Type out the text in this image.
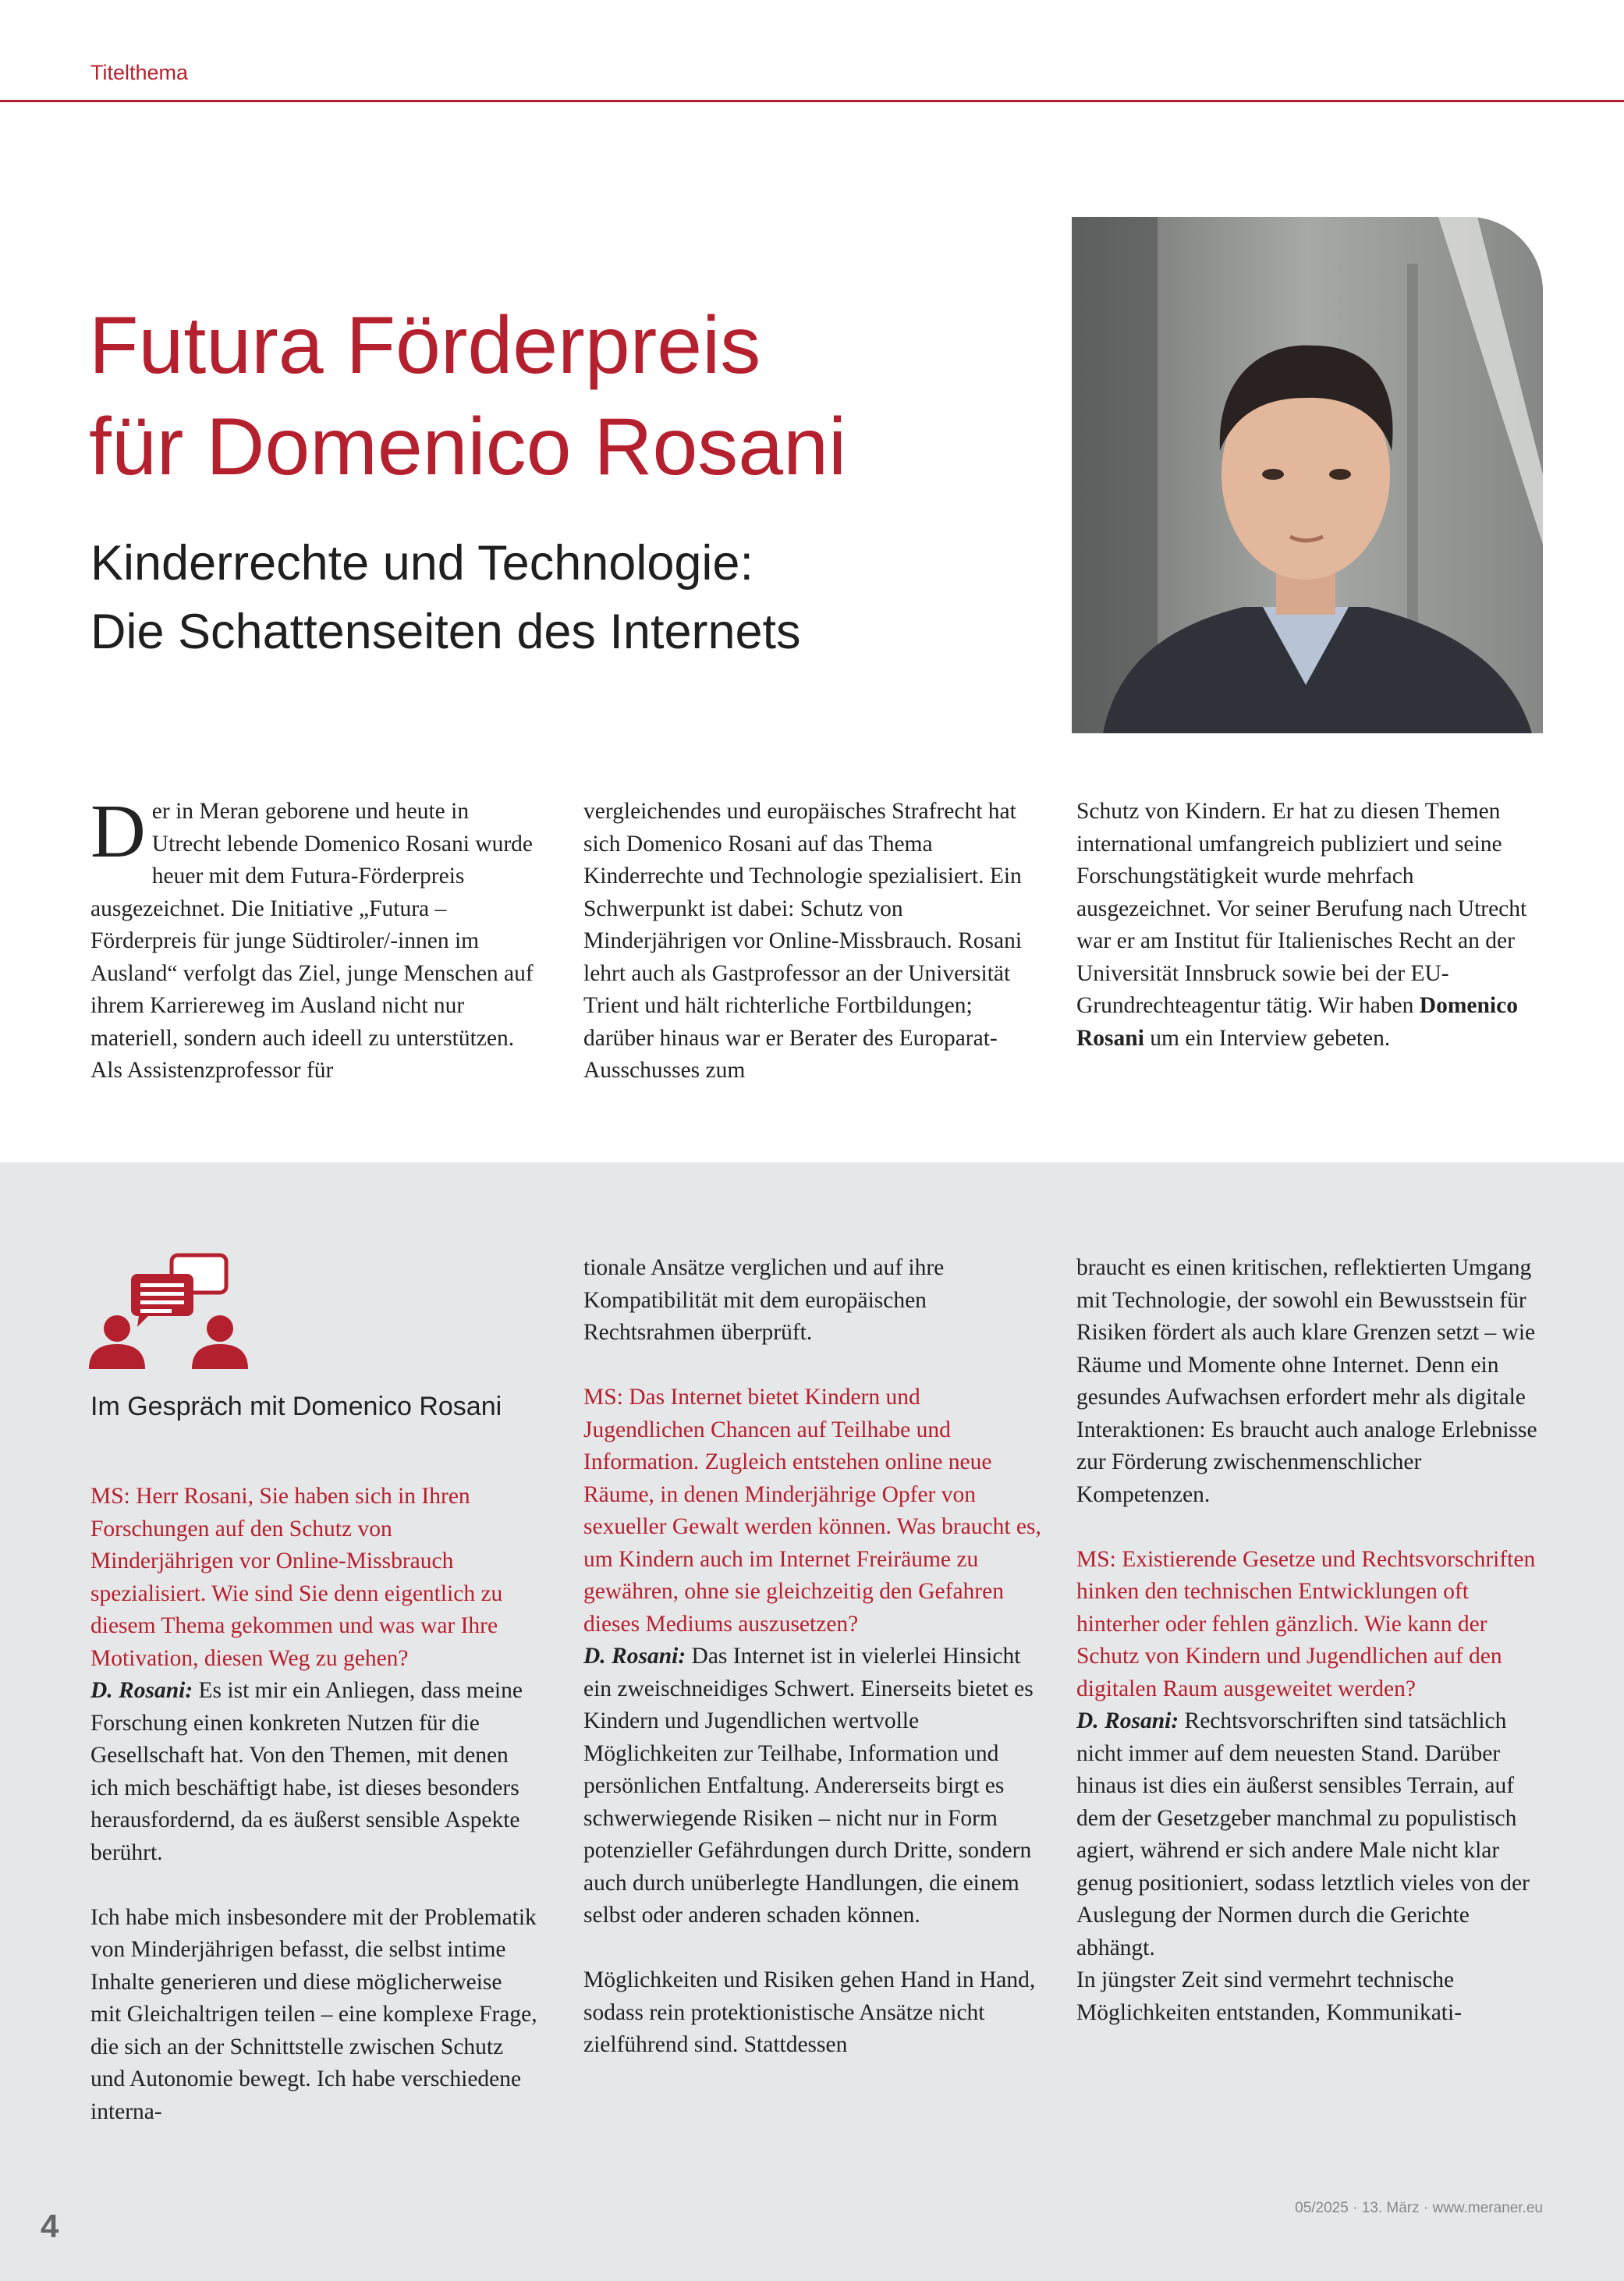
Titelthema
Futura Förderpreis
für Domenico Rosani
Kinderrechte und Technologie:
Die Schattenseiten des Internets

Der in Meran geborene und heute in Utrecht lebende Domenico Rosani wurde heuer mit dem Futura-Förderpreis ausgezeichnet. Die Initiative „Futura – Förderpreis für junge Südtiroler/-innen im Ausland“ verfolgt das Ziel, junge Menschen auf ihrem Karriereweg im Ausland nicht nur materiell, sondern auch ideell zu unterstützen. Als Assistenzprofessor für

vergleichendes und europäisches Strafrecht hat sich Domenico Rosani auf das Thema Kinderrechte und Technologie spezialisiert. Ein Schwerpunkt ist dabei: Schutz von Minderjährigen vor Online-Missbrauch. Rosani lehrt auch als Gastprofessor an der Universität Trient und hält richterliche Fortbildungen; darüber hinaus war er Berater des Europarat-Ausschusses zum

Schutz von Kindern. Er hat zu diesen Themen international umfangreich publiziert und seine Forschungstätigkeit wurde mehrfach ausgezeichnet. Vor seiner Berufung nach Utrecht war er am Institut für Italienisches Recht an der Universität Innsbruck sowie bei der EU-Grundrechteagentur tätig. Wir haben Domenico Rosani um ein Interview gebeten.

Im Gespräch mit Domenico Rosani

MS: Herr Rosani, Sie haben sich in Ihren Forschungen auf den Schutz von Minderjährigen vor Online-Missbrauch spezialisiert. Wie sind Sie denn eigentlich zu diesem Thema gekommen und was war Ihre Motivation, diesen Weg zu gehen?

D. Rosani: Es ist mir ein Anliegen, dass meine Forschung einen konkreten Nutzen für die Gesellschaft hat. Von den Themen, mit denen ich mich beschäftigt habe, ist dieses besonders herausfordernd, da es äußerst sensible Aspekte berührt.

Ich habe mich insbesondere mit der Problematik von Minderjährigen befasst, die selbst intime Inhalte generieren und diese möglicherweise mit Gleichaltrigen teilen – eine komplexe Frage, die sich an der Schnittstelle zwischen Schutz und Autonomie bewegt. Ich habe verschiedene interna-

tionale Ansätze verglichen und auf ihre Kompatibilität mit dem europäischen Rechtsrahmen überprüft.

MS: Das Internet bietet Kindern und Jugendlichen Chancen auf Teilhabe und Information. Zugleich entstehen online neue Räume, in denen Minderjährige Opfer von sexueller Gewalt werden können. Was braucht es, um Kindern auch im Internet Freiräume zu gewähren, ohne sie gleichzeitig den Gefahren dieses Mediums auszusetzen?

D. Rosani: Das Internet ist in vielerlei Hinsicht ein zweischneidiges Schwert. Einerseits bietet es Kindern und Jugendlichen wertvolle Möglichkeiten zur Teilhabe, Information und persönlichen Entfaltung. Andererseits birgt es schwerwiegende Risiken – nicht nur in Form potenzieller Gefährdungen durch Dritte, sondern auch durch unüberlegte Handlungen, die einem selbst oder anderen schaden können.

Möglichkeiten und Risiken gehen Hand in Hand, sodass rein protektionistische Ansätze nicht zielführend sind. Stattdessen

braucht es einen kritischen, reflektierten Umgang mit Technologie, der sowohl ein Bewusstsein für Risiken fördert als auch klare Grenzen setzt – wie Räume und Momente ohne Internet. Denn ein gesundes Aufwachsen erfordert mehr als digitale Interaktionen: Es braucht auch analoge Erlebnisse zur Förderung zwischenmenschlicher Kompetenzen.

MS: Existierende Gesetze und Rechtsvorschriften hinken den technischen Entwicklungen oft hinterher oder fehlen gänzlich. Wie kann der Schutz von Kindern und Jugendlichen auf den digitalen Raum ausgeweitet werden?

D. Rosani: Rechtsvorschriften sind tatsächlich nicht immer auf dem neuesten Stand. Darüber hinaus ist dies ein äußerst sensibles Terrain, auf dem der Gesetzgeber manchmal zu populistisch agiert, während er sich andere Male nicht klar genug positioniert, sodass letztlich vieles von der Auslegung der Normen durch die Gerichte abhängt.

In jüngster Zeit sind vermehrt technische Möglichkeiten entstanden, Kommunikati-

4	05/2025 · 13. März · www.meraner.eu
